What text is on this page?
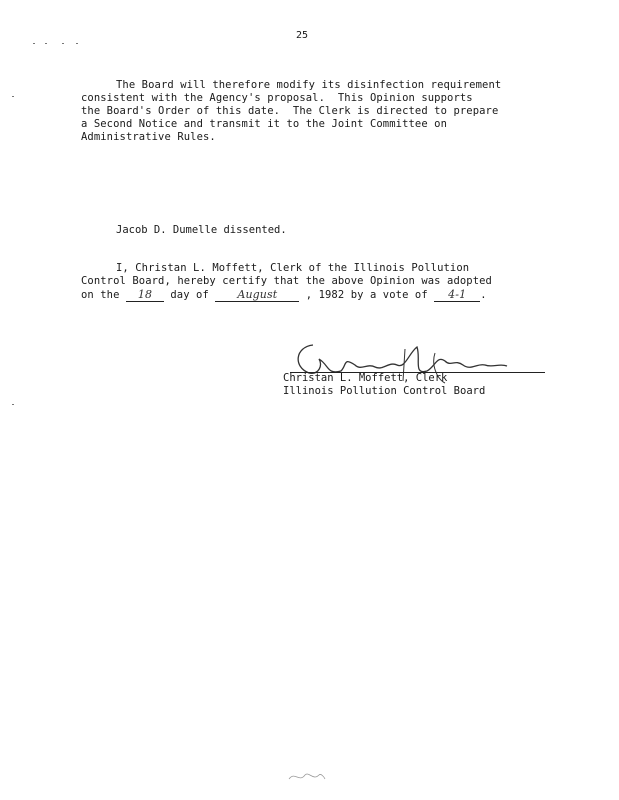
25
The Board will therefore modify its disinfection requirement
consistent with the Agency's proposal.  This Opinion supports
the Board's Order of this date.  The Clerk is directed to prepare
a Second Notice and transmit it to the Joint Committee on
Administrative Rules.
Jacob D. Dumelle dissented.
I, Christan L. Moffett, Clerk of the Illinois Pollution
Control Board, hereby certify that the above Opinion was adopted
on the 18 day of	August	, 1982 by a vote of 4-1 .
Christan L. Moffett, Clerk
Illinois Pollution Control Board
